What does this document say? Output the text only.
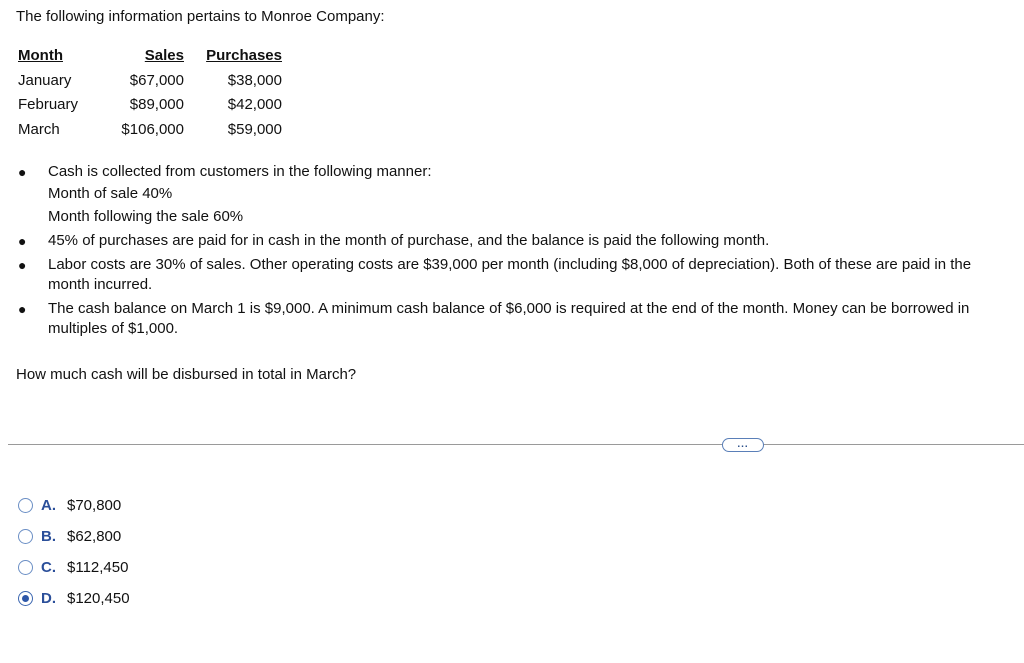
The following information pertains to Monroe Company:
Month	Sales	Purchases
January	$67,000	$38,000
February	$89,000	$42,000
March	$106,000	$59,000
● Cash is collected from customers in the following manner:
Month of sale 40%
Month following the sale 60%
● 45% of purchases are paid for in cash in the month of purchase, and the balance is paid the following month.
● Labor costs are 30% of sales. Other operating costs are $39,000 per month (including $8,000 of depreciation). Both of these are paid in the month incurred.
● The cash balance on March 1 is $9,000. A minimum cash balance of $6,000 is required at the end of the month. Money can be borrowed in multiples of $1,000.
How much cash will be disbursed in total in March?
...
A. $70,800
B. $62,800
C. $112,450
D. $120,450
